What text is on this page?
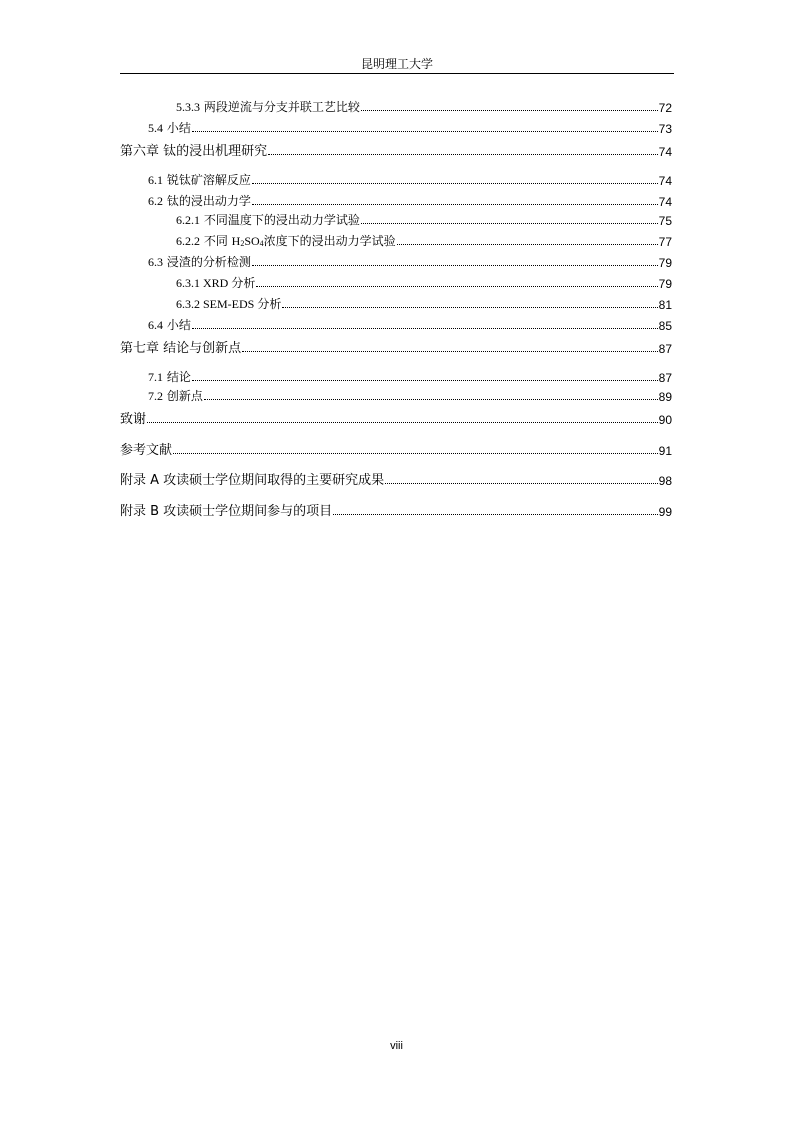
昆明理工大学
5.3.3 两段逆流与分支并联工艺比较	72
5.4 小结	73
第六章 钛的浸出机理研究	74
6.1 锐钛矿溶解反应	74
6.2 钛的浸出动力学	74
6.2.1 不同温度下的浸出动力学试验	75
6.2.2 不同 $H_2SO_4$浓度下的浸出动力学试验	77
6.3 浸渣的分析检测	79
6.3.1 XRD 分析	79
6.3.2 SEM-EDS 分析	81
6.4 小结	85
第七章 结论与创新点	87
7.1 结论	87
7.2 创新点	89
致谢	90
参考文献	91
附录 A 攻读硕士学位期间取得的主要研究成果	98
附录 B 攻读硕士学位期间参与的项目	99
viii
